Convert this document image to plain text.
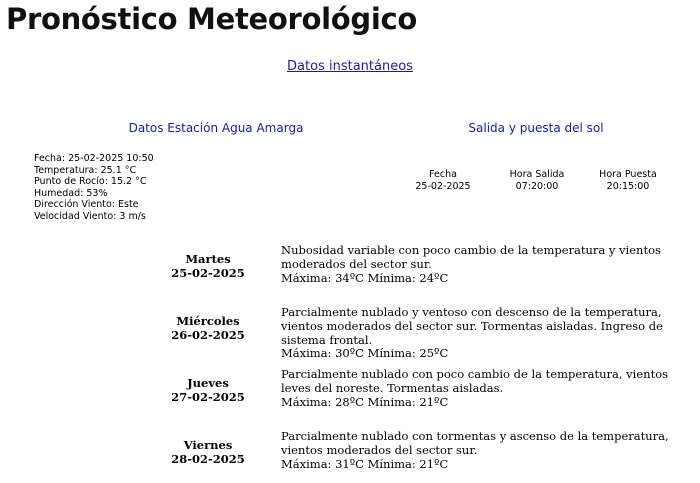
Pronóstico Meteorológico
Datos instantáneos
Datos Estación Agua Amarga	Salida y puesta del sol
Fecha: 25-02-2025 10:50
Temperatura: 25.1 °C
Punto de Rocío: 15.2 °C
Humedad: 53%
Dirección Viento: Este
Velocidad Viento: 3 m/s
Fecha
25-02-2025
Hora Salida
07:20:00
Hora Puesta
20:15:00
Martes
25-02-2025
Nubosidad variable con poco cambio de la temperatura y vientos moderados del sector sur.
Máxima: 34ºC Mínima: 24ºC
Miércoles
26-02-2025
Parcialmente nublado y ventoso con descenso de la temperatura, vientos moderados del sector sur. Tormentas aisladas. Ingreso de sistema frontal.
Máxima: 30ºC Mínima: 25ºC
Jueves
27-02-2025
Parcialmente nublado con poco cambio de la temperatura, vientos leves del noreste. Tormentas aisladas.
Máxima: 28ºC Mínima: 21ºC
Viernes
28-02-2025
Parcialmente nublado con tormentas y ascenso de la temperatura, vientos moderados del sector sur.
Máxima: 31ºC Mínima: 21ºC
